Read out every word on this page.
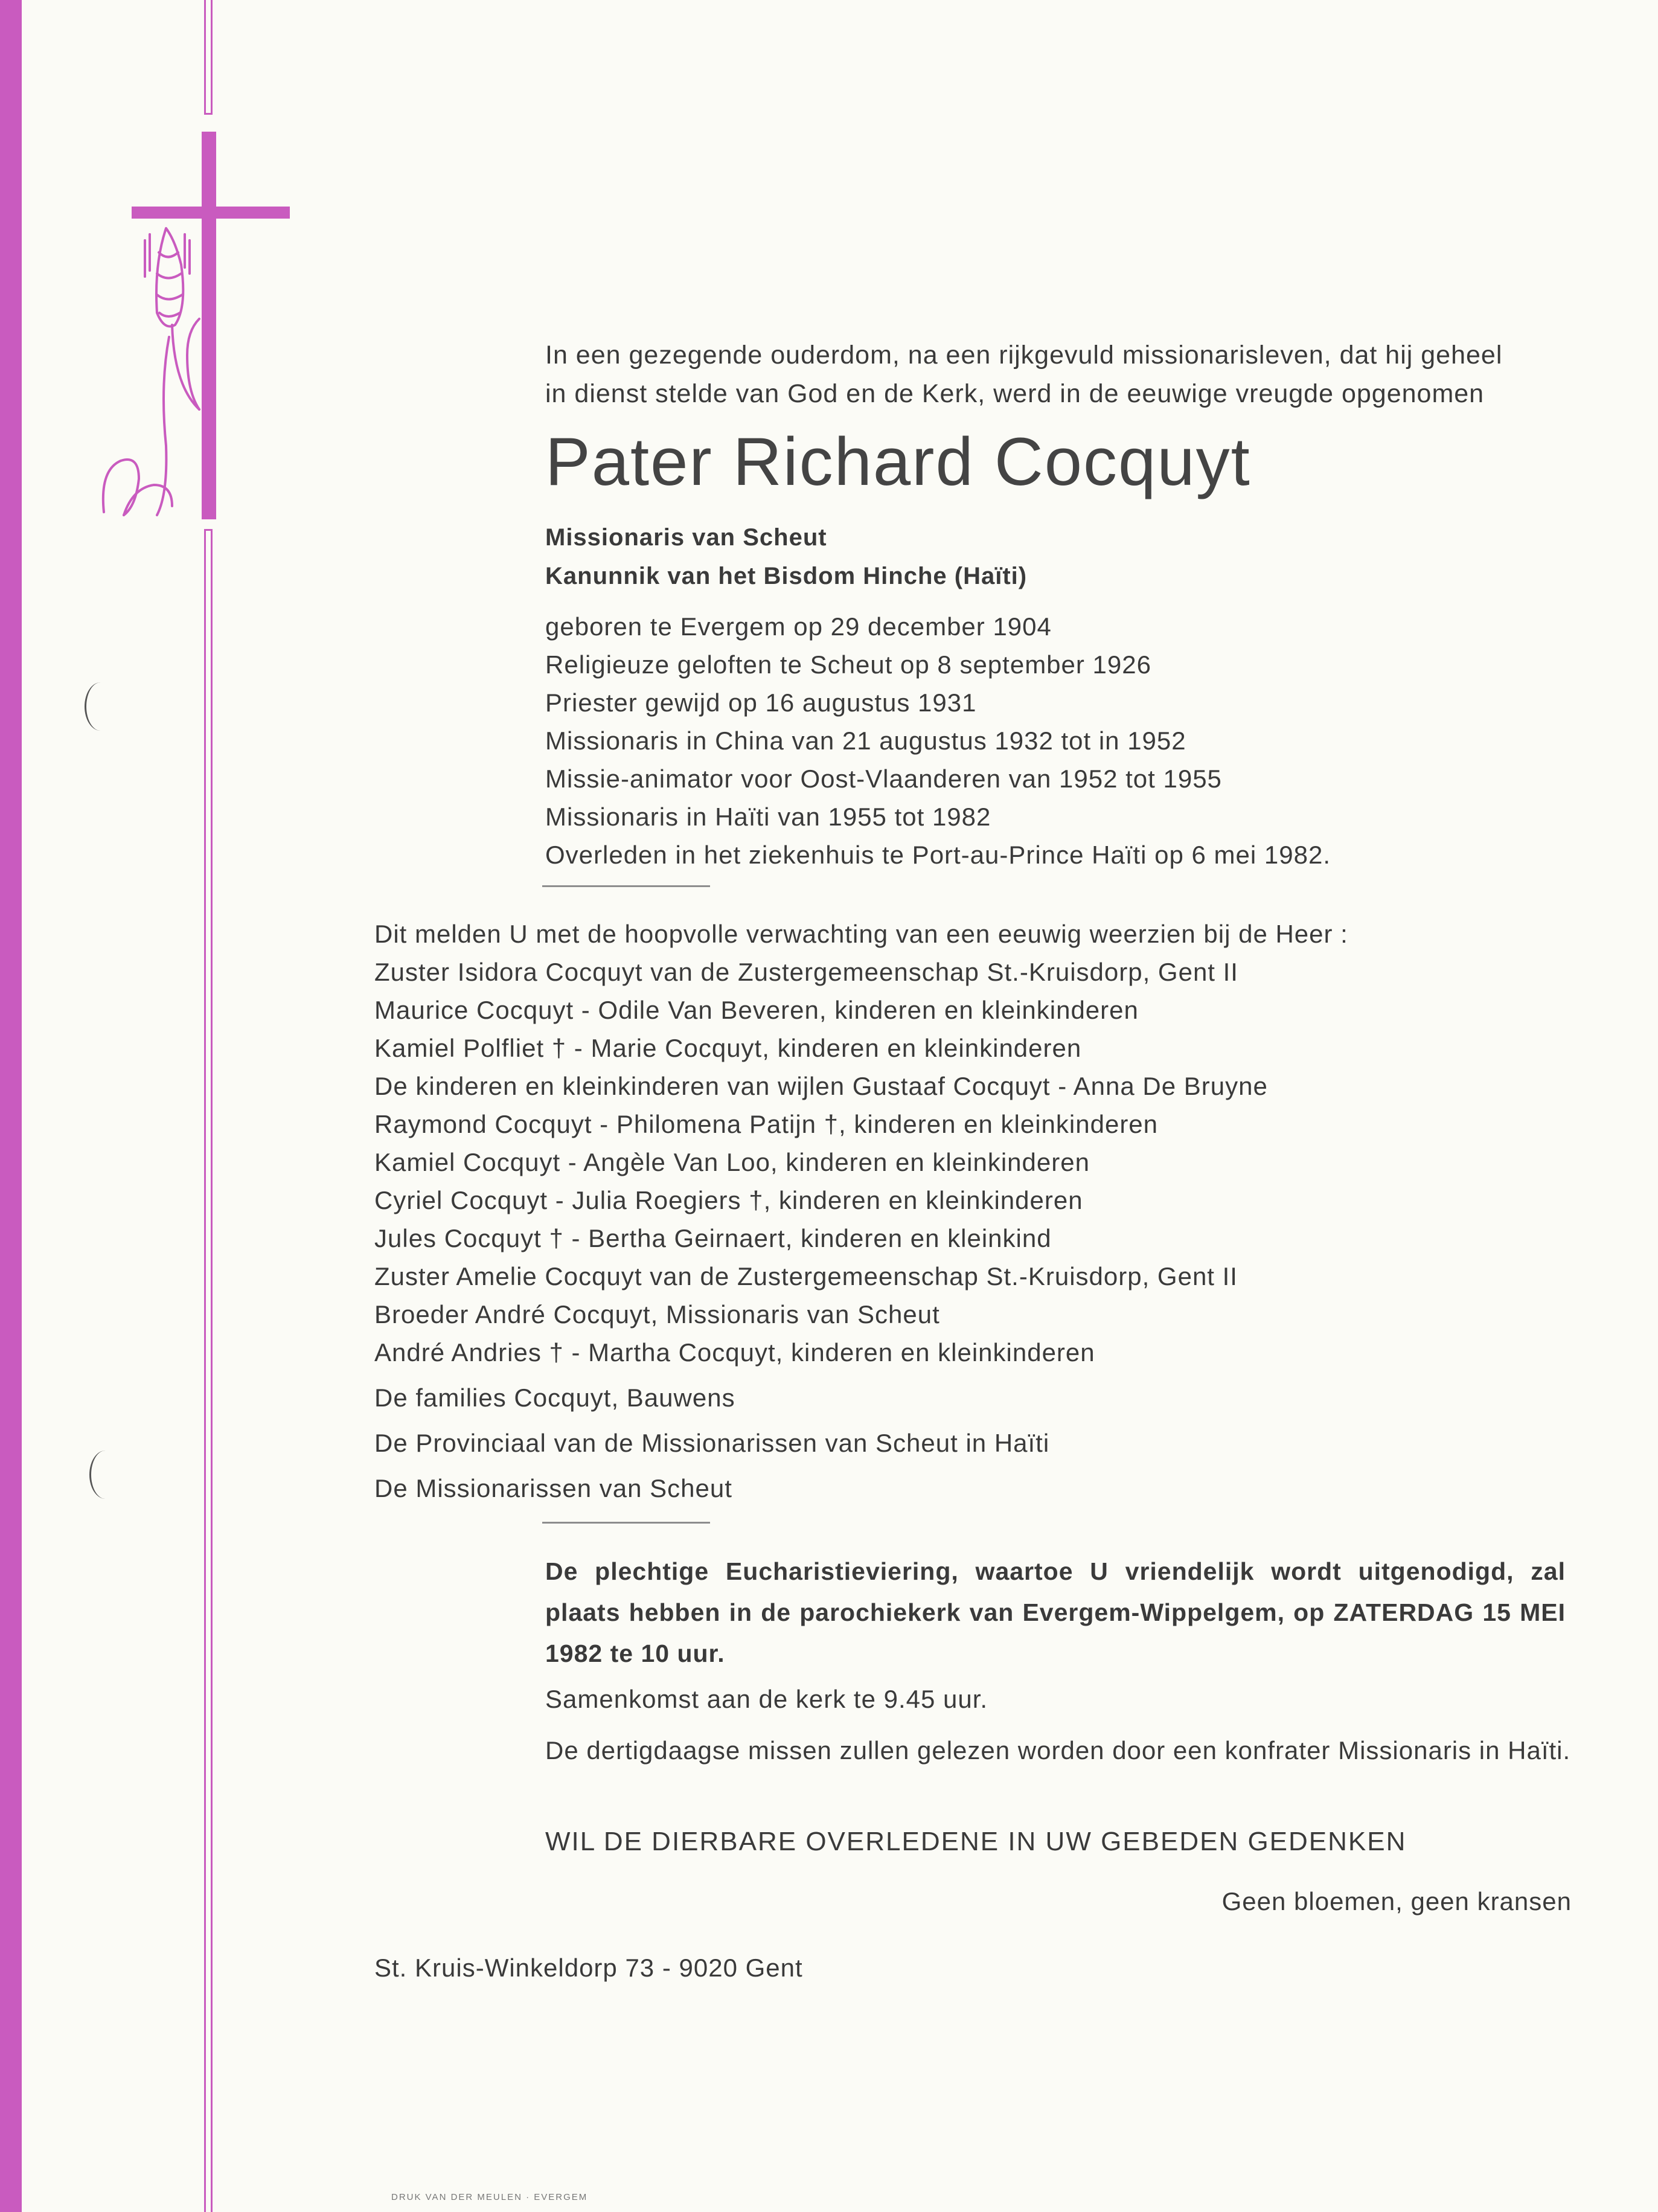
In een gezegende ouderdom, na een rijkgevuld missionarisleven, dat hij geheel
in dienst stelde van God en de Kerk, werd in de eeuwige vreugde opgenomen
Pater Richard Cocquyt
Missionaris van Scheut
Kanunnik van het Bisdom Hinche (Haïti)
geboren te Evergem op 29 december 1904
Religieuze geloften te Scheut op 8 september 1926
Priester gewijd op 16 augustus 1931
Missionaris in China van 21 augustus 1932 tot in 1952
Missie-animator voor Oost-Vlaanderen van 1952 tot 1955
Missionaris in Haïti van 1955 tot 1982
Overleden in het ziekenhuis te Port-au-Prince Haïti op 6 mei 1982.
Dit melden U met de hoopvolle verwachting van een eeuwig weerzien bij de Heer :
Zuster Isidora Cocquyt van de Zustergemeenschap St.-Kruisdorp, Gent II
Maurice Cocquyt - Odile Van Beveren, kinderen en kleinkinderen
Kamiel Polfliet † - Marie Cocquyt, kinderen en kleinkinderen
De kinderen en kleinkinderen van wijlen Gustaaf Cocquyt - Anna De Bruyne
Raymond Cocquyt - Philomena Patijn †, kinderen en kleinkinderen
Kamiel Cocquyt - Angèle Van Loo, kinderen en kleinkinderen
Cyriel Cocquyt - Julia Roegiers †, kinderen en kleinkinderen
Jules Cocquyt † - Bertha Geirnaert, kinderen en kleinkind
Zuster Amelie Cocquyt van de Zustergemeenschap St.-Kruisdorp, Gent II
Broeder André Cocquyt, Missionaris van Scheut
André Andries † - Martha Cocquyt, kinderen en kleinkinderen
De families Cocquyt, Bauwens
De Provinciaal van de Missionarissen van Scheut in Haïti
De Missionarissen van Scheut
De plechtige Eucharistieviering, waartoe U vriendelijk wordt uitgenodigd, zal plaats hebben in de parochiekerk van Evergem-Wippelgem, op ZATERDAG 15 MEI 1982 te 10 uur.
Samenkomst aan de kerk te 9.45 uur.
De dertigdaagse missen zullen gelezen worden door een konfrater Missionaris in Haïti.
WIL DE DIERBARE OVERLEDENE IN UW GEBEDEN GEDENKEN
Geen bloemen, geen kransen
St. Kruis-Winkeldorp 73 - 9020 Gent
DRUK VAN DER MEULEN · EVERGEM
